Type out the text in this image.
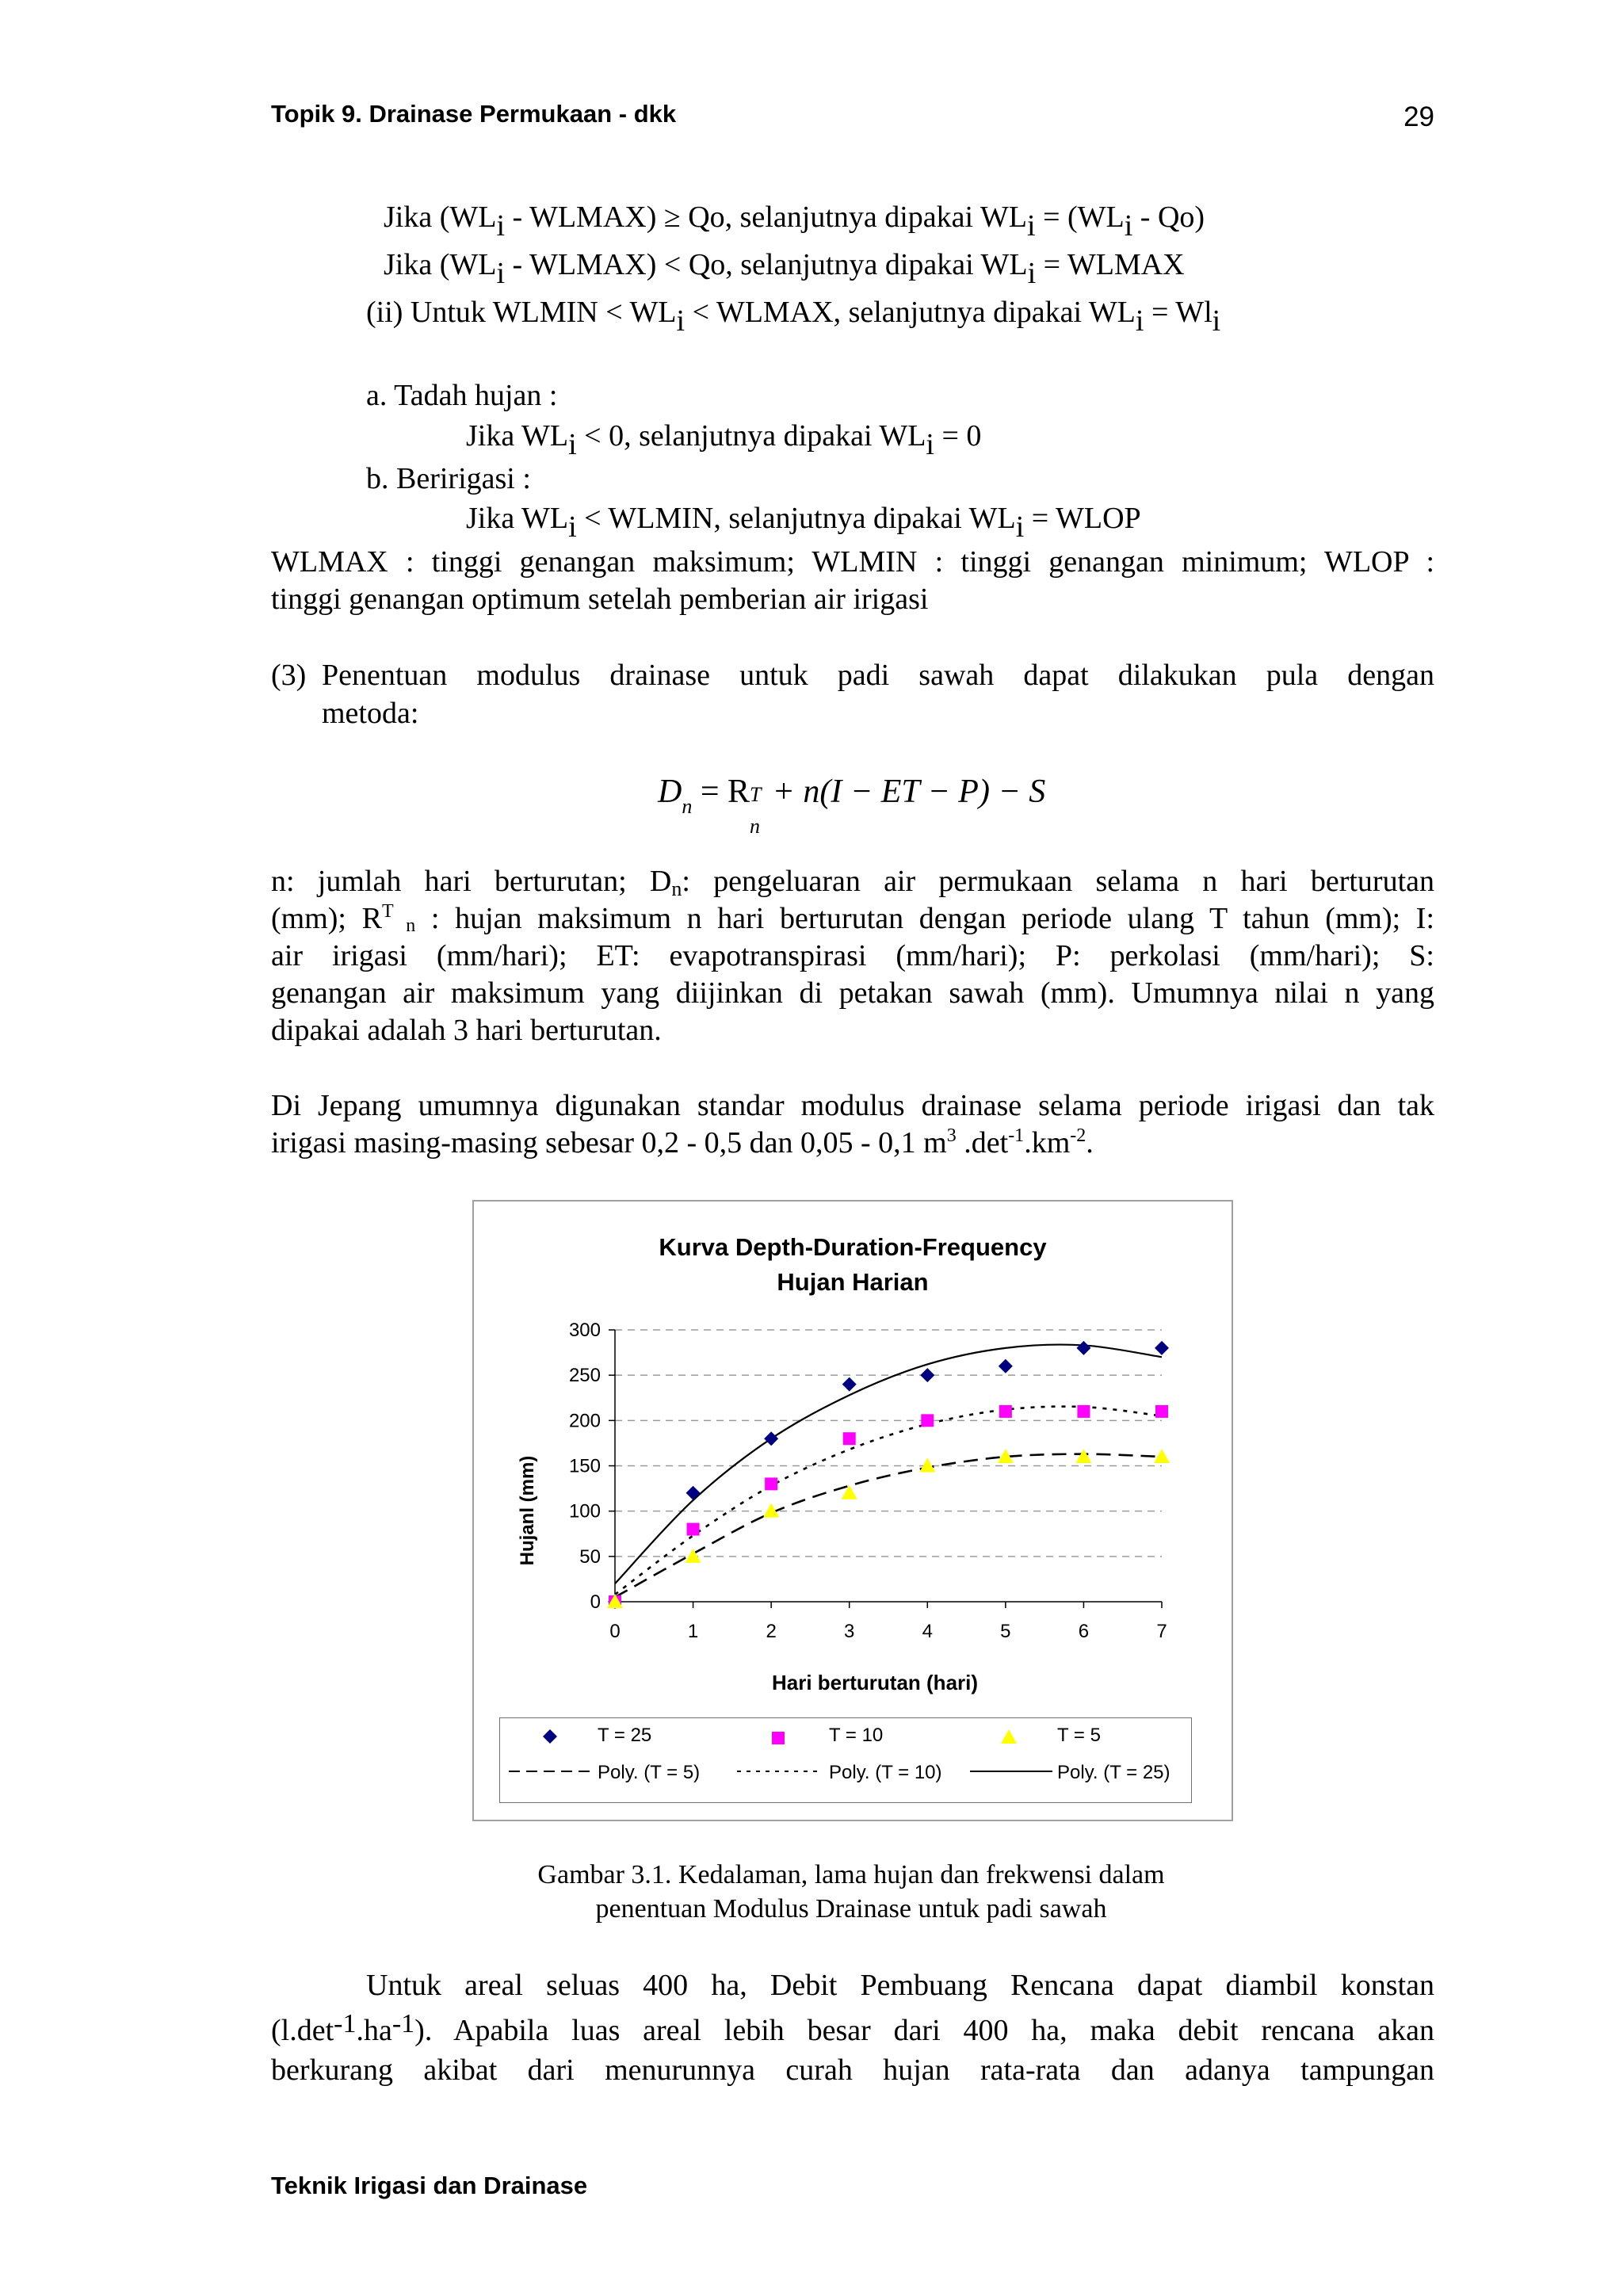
Topik 9. Drainase Permukaan - dkk	29
Jika (WLi - WLMAX) ≥ Qo, selanjutnya dipakai WLi = (WLi - Qo)
Jika (WLi - WLMAX) < Qo, selanjutnya dipakai WLi = WLMAX
(ii) Untuk WLMIN < WLi < WLMAX, selanjutnya dipakai WLi = Wli
a. Tadah hujan :
Jika WLi < 0, selanjutnya dipakai WLi = 0
b. Beririgasi :
Jika WLi < WLMIN, selanjutnya dipakai WLi = WLOP
WLMAX : tinggi genangan maksimum; WLMIN : tinggi genangan minimum; WLOP :
tinggi genangan optimum setelah pemberian air irigasi
(3) Penentuan modulus drainase untuk padi sawah dapat dilakukan pula dengan
metoda:
$D_n = R$ T
n
+ n(I − ET − P) − S
n: jumlah hari berturutan; Dn: pengeluaran air permukaan selama n hari berturutan
(mm); $R^T$ n : hujan maksimum n hari berturutan dengan periode ulang T tahun (mm); I:
air irigasi (mm/hari); ET: evapotranspirasi (mm/hari); P: perkolasi (mm/hari); S:
genangan air maksimum yang diijinkan di petakan sawah (mm). Umumnya nilai n yang
dipakai adalah 3 hari berturutan.
Di Jepang umumnya digunakan standar modulus drainase selama periode irigasi dan tak
irigasi masing-masing sebesar 0,2 - 0,5 dan 0,05 - 0,1 $m^3$ $.\det^{-1}.km^{-2}$.
Kurva Depth-Duration-Frequency
Hujan Harian
Hujanl (mm)
Hari berturutan (hari)
0
50
100
150
200
250
300
0	1	2	3	4	5	6	7
T = 25	T = 10	T = 5
Poly. (T = 5)	Poly. (T = 10)	Poly. (T = 25)
Gambar 3.1. Kedalaman, lama hujan dan frekwensi dalam
penentuan Modulus Drainase untuk padi sawah
Untuk areal seluas 400 ha, Debit Pembuang Rencana dapat diambil konstan
(l.det-1.ha-1). Apabila luas areal lebih besar dari 400 ha, maka debit rencana akan
berkurang akibat dari menurunnya curah hujan rata-rata dan adanya tampungan
Teknik Irigasi dan Drainase
